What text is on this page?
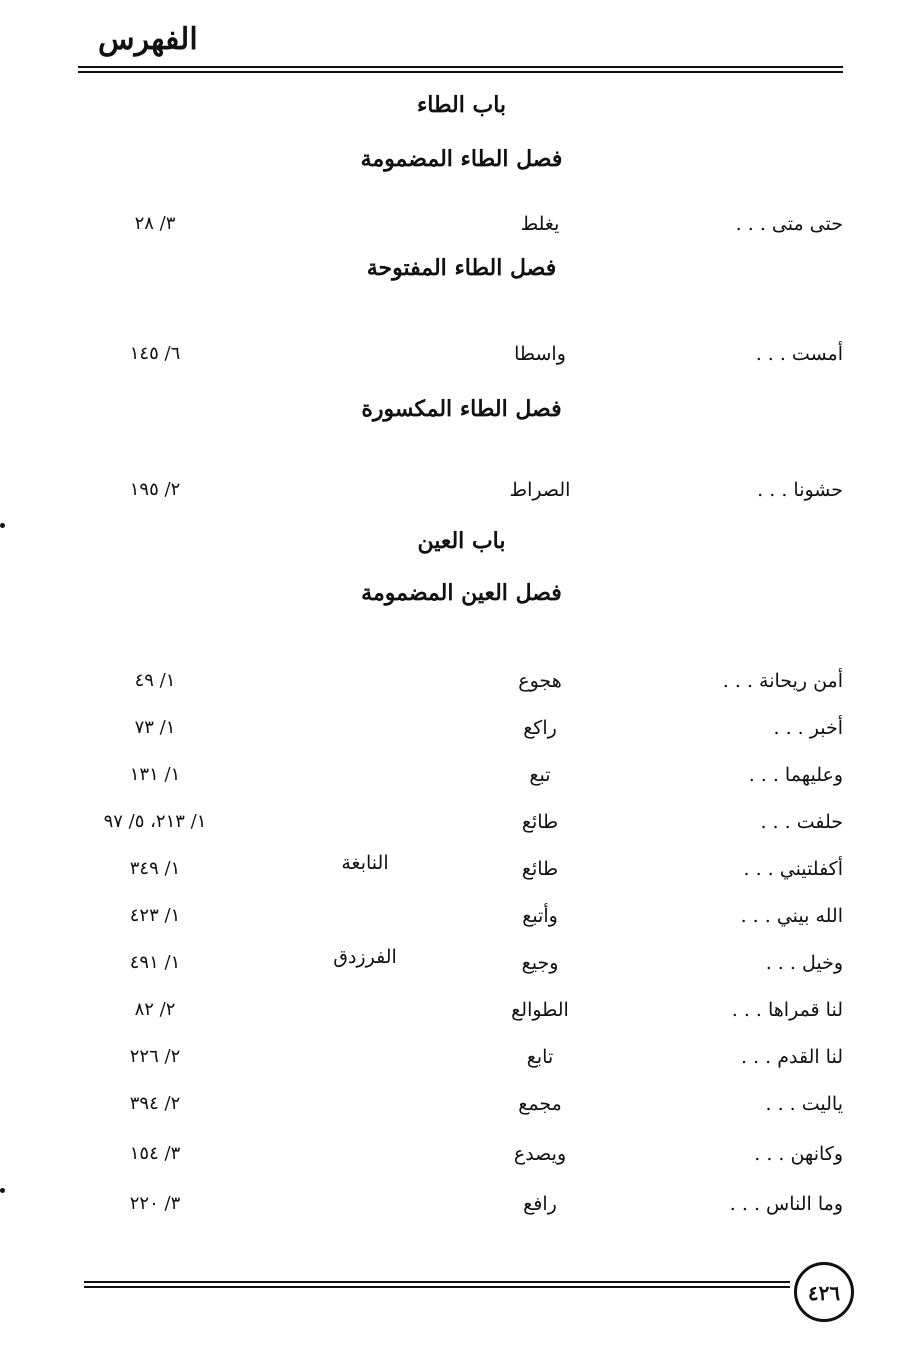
الفهرس
باب الطاء
فصل الطاء المضمومة
حتى متى . . .
يغلط
٣/ ٢٨
فصل الطاء المفتوحة
أمست . . .
واسطا
٦/ ١٤٥
فصل الطاء المكسورة
حشونا . . .
الصراط
٢/ ١٩٥
باب العين
فصل العين المضمومة
أمن ريحانة . . .
هجوع
١/ ٤٩
أخبر . . .
راكع
١/ ٧٣
وعليهما . . .
تبع
١/ ١٣١
حلفت . . .
طائع
١/ ٢١٣، ٥/ ٩٧
أكفلتيني . . .
طائع
النابغة
١/ ٣٤٩
الله بيني . . .
وأتبع
١/ ٤٢٣
وخيل . . .
وجيع
الفرزدق
١/ ٤٩١
لنا قمراها . . .
الطوالع
٢/ ٨٢
لنا القدم . . .
تابع
٢/ ٢٢٦
ياليت . . .
مجمع
٢/ ٣٩٤
وكانهن . . .
ويصدع
٣/ ١٥٤
وما الناس . . .
رافع
٣/ ٢٢٠
٤٢٦
